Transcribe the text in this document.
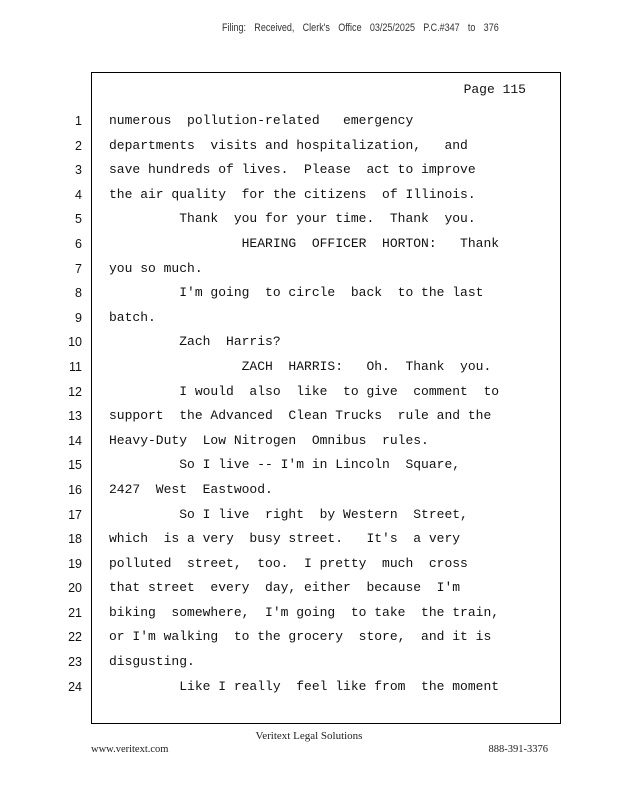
Filing: Received, Clerk's Office 03/25/2025 P.C.#347 to 376
Page 115
1
2
3
4
5
6
7
8
9
10
11
12
13
14
15
16
17
18
19
20
21
22
23
24
numerous  pollution-related   emergency
departments  visits and hospitalization,   and
save hundreds of lives.  Please  act to improve
the air quality  for the citizens  of Illinois.
Thank  you for your time.  Thank  you.
HEARING  OFFICER  HORTON:   Thank
you so much.
I'm going  to circle  back  to the last
batch.
Zach  Harris?
ZACH  HARRIS:   Oh.  Thank  you.
I would  also  like  to give  comment  to
support  the Advanced  Clean Trucks  rule and the
Heavy-Duty  Low Nitrogen  Omnibus  rules.
So I live -- I'm in Lincoln  Square,
2427  West  Eastwood.
So I live  right  by Western  Street,
which  is a very  busy street.   It's  a very
polluted  street,  too.  I pretty  much  cross
that street  every  day, either  because  I'm
biking  somewhere,  I'm going  to take  the train,
or I'm walking  to the grocery  store,  and it is
disgusting.
Like I really  feel like from  the moment
Veritext Legal Solutions
www.veritext.com	888-391-3376
